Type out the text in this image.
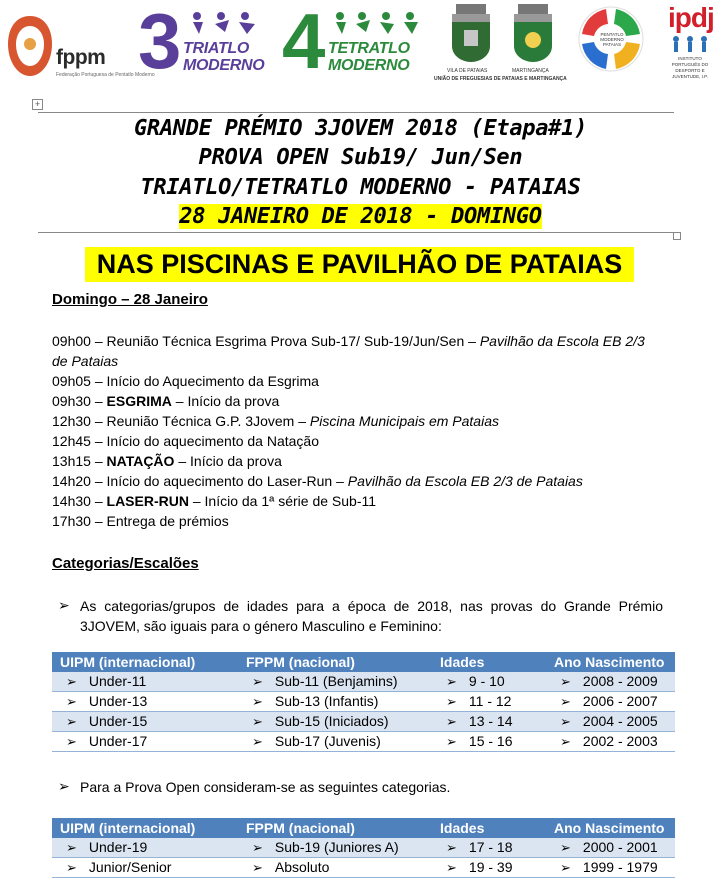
fppm
Federação Portuguesa de Pentatlo Moderno
3 TRIATLO
MODERNO 4 TETRATLO
MODERNO	VILA DE PATAIAS	MARTINGANÇA
UNIÃO DE FREGUESIAS DE PATAIAS E MARTINGANÇA
PENTATLO MODERNO PATAIAS
ipdj
INSTITUTO PORTUGUÊS DO DESPORTO E JUVENTUDE, I.P.
+
GRANDE PRÉMIO 3JOVEM 2018 (Etapa#1)
PROVA OPEN Sub19/ Jun/Sen
TRIATLO/TETRATLO MODERNO - PATAIAS
28 JANEIRO DE 2018 - DOMINGO
NAS PISCINAS E PAVILHÃO DE PATAIAS
Domingo – 28 Janeiro
09h00 – Reunião Técnica Esgrima Prova Sub-17/ Sub-19/Jun/Sen – Pavilhão da Escola EB 2/3
de Pataias
09h05 – Início do Aquecimento da Esgrima
09h30 – ESGRIMA – Início da prova
12h30 – Reunião Técnica G.P. 3Jovem – Piscina Municipais em Pataias
12h45 – Início do aquecimento da Natação
13h15 – NATAÇÃO – Início da prova
14h20 – Início do aquecimento do Laser-Run – Pavilhão da Escola EB 2/3 de Pataias
14h30 – LASER-RUN – Início da 1ª série de Sub-11
17h30 – Entrega de prémios
Categorias/Escalões
➢ As categorias/grupos de idades para a época de 2018, nas provas do Grande Prémio 3JOVEM, são iguais para o género Masculino e Feminino:
UIPM (internacional)	FPPM (nacional)	Idades	Ano Nascimento
➢ Under-11	➢ Sub-11 (Benjamins)	➢ 9 - 10	➢ 2008 - 2009
➢ Under-13	➢ Sub-13 (Infantis)	➢ 11 - 12	➢ 2006 - 2007
➢ Under-15	➢ Sub-15 (Iniciados)	➢ 13 - 14	➢ 2004 - 2005
➢ Under-17	➢ Sub-17 (Juvenis)	➢ 15 - 16	➢ 2002 - 2003
➢ Para a Prova Open consideram-se as seguintes categorias.
UIPM (internacional)	FPPM (nacional)	Idades	Ano Nascimento
➢ Under-19	➢ Sub-19 (Juniores A)	➢ 17 - 18	➢ 2000 - 2001
➢ Junior/Senior	➢ Absoluto	➢ 19 - 39	➢ 1999 - 1979
